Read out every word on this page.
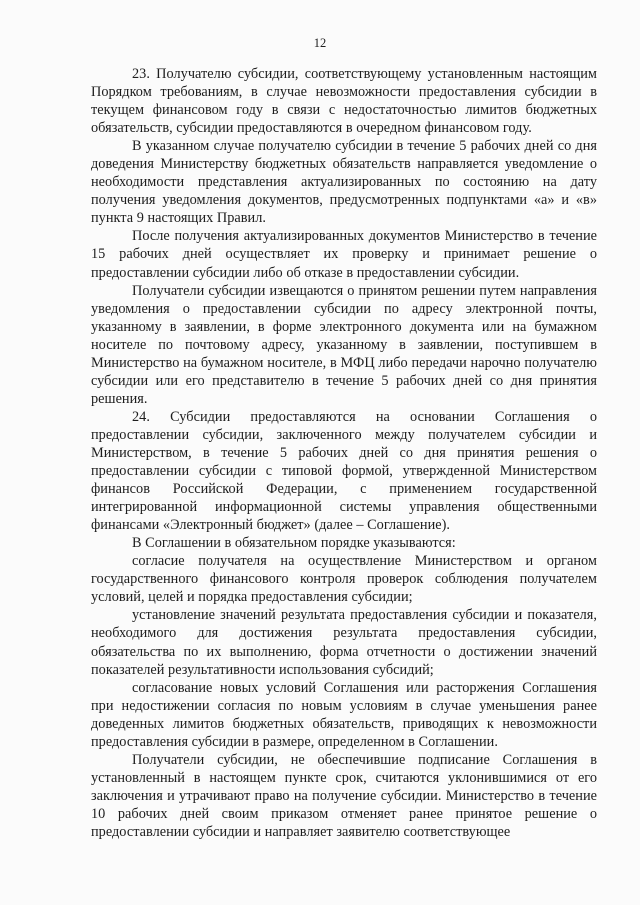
12

23. Получателю субсидии, соответствующему установленным настоящим Порядком требованиям, в случае невозможности предоставления субсидии в текущем финансовом году в связи с недостаточностью лимитов бюджетных обязательств, субсидии предоставляются в очередном финансовом году.

В указанном случае получателю субсидии в течение 5 рабочих дней со дня доведения Министерству бюджетных обязательств направляется уведомление о необходимости представления актуализированных по состоянию на дату получения уведомления документов, предусмотренных подпунктами «а» и «в» пункта 9 настоящих Правил.

После получения актуализированных документов Министерство в течение 15 рабочих дней осуществляет их проверку и принимает решение о предоставлении субсидии либо об отказе в предоставлении субсидии.

Получатели субсидии извещаются о принятом решении путем направления уведомления о предоставлении субсидии по адресу электронной почты, указанному в заявлении, в форме электронного документа или на бумажном носителе по почтовому адресу, указанному в заявлении, поступившем в Министерство на бумажном носителе, в МФЦ либо передачи нарочно получателю субсидии или его представителю в течение 5 рабочих дней со дня принятия решения.

24. Субсидии предоставляются на основании Соглашения о предоставлении субсидии, заключенного между получателем субсидии и Министерством, в течение 5 рабочих дней со дня принятия решения о предоставлении субсидии с типовой формой, утвержденной Министерством финансов Российской Федерации, с применением государственной интегрированной информационной системы управления общественными финансами «Электронный бюджет» (далее – Соглашение).

В Соглашении в обязательном порядке указываются:

согласие получателя на осуществление Министерством и органом государственного финансового контроля проверок соблюдения получателем условий, целей и порядка предоставления субсидии;

установление значений результата предоставления субсидии и показателя, необходимого для достижения результата предоставления субсидии, обязательства по их выполнению, форма отчетности о достижении значений показателей результативности использования субсидий;

согласование новых условий Соглашения или расторжения Соглашения при недостижении согласия по новым условиям в случае уменьшения ранее доведенных лимитов бюджетных обязательств, приводящих к невозможности предоставления субсидии в размере, определенном в Соглашении.

Получатели субсидии, не обеспечившие подписание Соглашения в установленный в настоящем пункте срок, считаются уклонившимися от его заключения и утрачивают право на получение субсидии. Министерство в течение 10 рабочих дней своим приказом отменяет ранее принятое решение о предоставлении субсидии и направляет заявителю соответствующее
